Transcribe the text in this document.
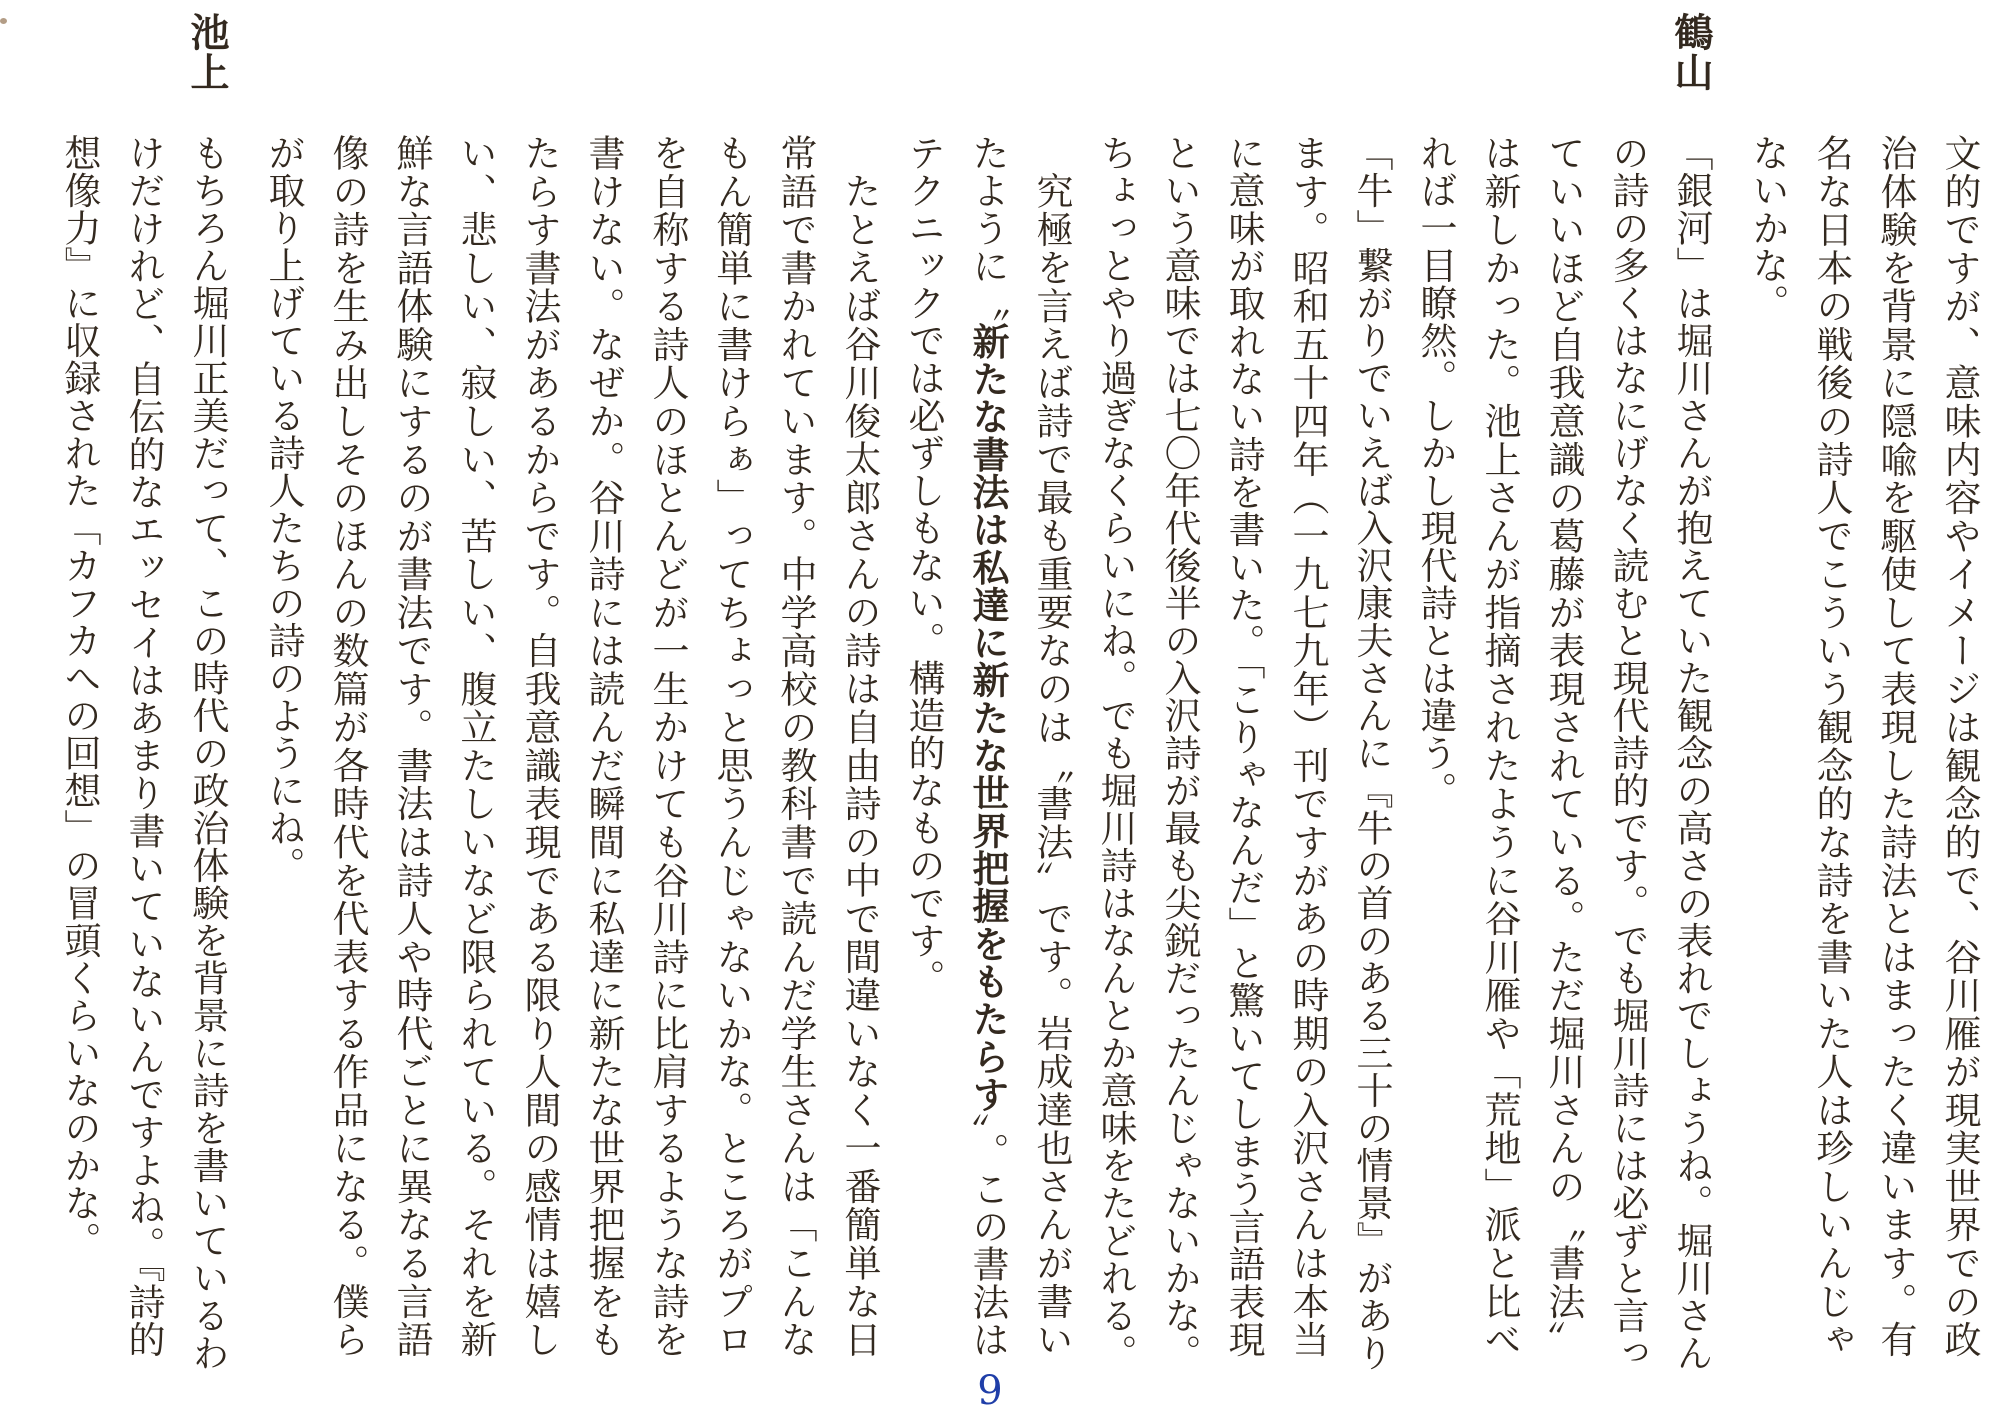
文的ですが、意味内容やイメージは観念的で、谷川雁が現実世界での政
治体験を背景に隠喩を駆使して表現した詩法とはまったく違います。有
名な日本の戦後の詩人でこういう観念的な詩を書いた人は珍しいんじゃ
ないかな。
「銀河」は堀川さんが抱えていた観念の高さの表れでしょうね。堀川さん
の詩の多くはなにげなく読むと現代詩的です。でも堀川詩には必ずと言っ
ていいほど自我意識の葛藤が表現されている。ただ堀川さんの〝書法〟
は新しかった。池上さんが指摘されたように谷川雁や「荒地」派と比べ
れば一目瞭然。しかし現代詩とは違う。
「牛」繋がりでいえば入沢康夫さんに『牛の首のある三十の情景』があり
ます。昭和五十四年（一九七九年）刊ですがあの時期の入沢さんは本当
に意味が取れない詩を書いた。「こりゃなんだ」と驚いてしまう言語表現
という意味では七〇年代後半の入沢詩が最も尖鋭だったんじゃないかな。
ちょっとやり過ぎなくらいにね。でも堀川詩はなんとか意味をたどれる。
究極を言えば詩で最も重要なのは〝書法〟です。岩成達也さんが書い
たように〝新たな書法は私達に新たな世界把握をもたらす〟。この書法は
テクニックでは必ずしもない。構造的なものです。
たとえば谷川俊太郎さんの詩は自由詩の中で間違いなく一番簡単な日
常語で書かれています。中学高校の教科書で読んだ学生さんは「こんな
もん簡単に書けらぁ」ってちょっと思うんじゃないかな。ところがプロ
を自称する詩人のほとんどが一生かけても谷川詩に比肩するような詩を
書けない。なぜか。谷川詩には読んだ瞬間に私達に新たな世界把握をも
たらす書法があるからです。自我意識表現である限り人間の感情は嬉し
い、悲しい、寂しい、苦しい、腹立たしいなど限られている。それを新
鮮な言語体験にするのが書法です。書法は詩人や時代ごとに異なる言語
像の詩を生み出しそのほんの数篇が各時代を代表する作品になる。僕ら
が取り上げている詩人たちの詩のようにね。
もちろん堀川正美だって、この時代の政治体験を背景に詩を書いているわ
けだけれど、自伝的なエッセイはあまり書いていないんですよね。『詩的
想像力』に収録された「カフカへの回想」の冒頭くらいなのかな。
9
鶴山
池上
